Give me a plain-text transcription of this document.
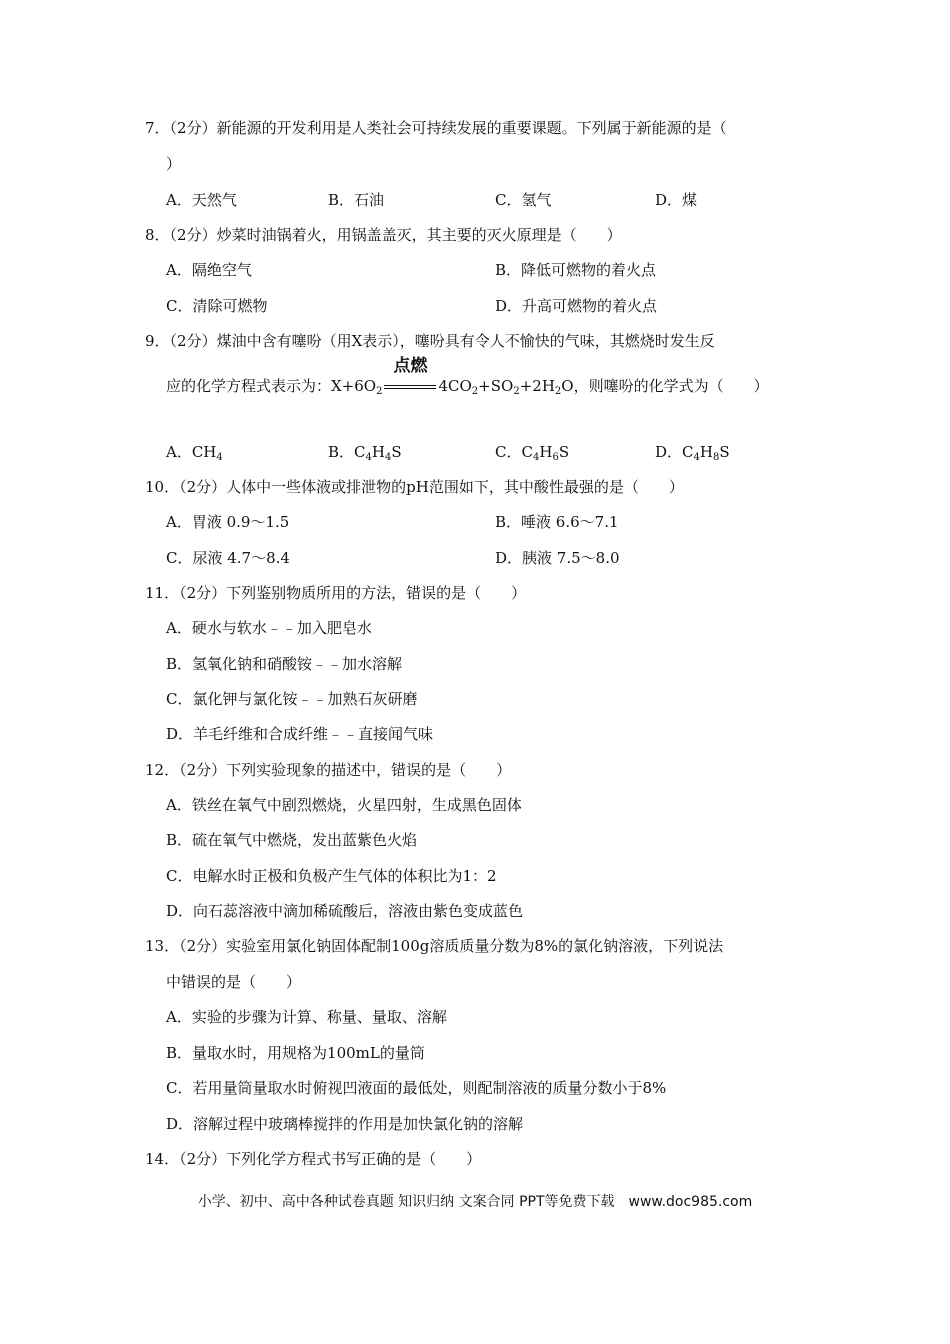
7．（2分）新能源的开发利用是人类社会可持续发展的重要课题。下列属于新能源的是（
）
A．天然气	B．石油	C．氢气	D．煤
8．（2分）炒菜时油锅着火，用锅盖盖灭，其主要的灭火原理是（　　）
A．隔绝空气	B．降低可燃物的着火点
C．清除可燃物	D．升高可燃物的着火点
9．（2分）煤油中含有噻吩（用X表示），噻吩具有令人不愉快的气味，其燃烧时发生反
应的化学方程式表示为：$X+6O_2$
点燃
$4CO_2+SO_2+2H_2O$，则噻吩的化学式为（　　）
A．$CH_4$	B．$C_4H_4S$	C．$C_4H_6S$	D．$C_4H_8S$
10．（2分）人体中一些体液或排泄物的pH范围如下，其中酸性最强的是（　　）
A．胃液 0.9～1.5	B．唾液 6.6～7.1
C．尿液 4.7～8.4	D．胰液 7.5～8.0
11．（2分）下列鉴别物质所用的方法，错误的是（　　）
A．硬水与软水﹣﹣加入肥皂水
B．氢氧化钠和硝酸铵﹣﹣加水溶解
C．氯化钾与氯化铵﹣﹣加熟石灰研磨
D．羊毛纤维和合成纤维﹣﹣直接闻气味
12．（2分）下列实验现象的描述中，错误的是（　　）
A．铁丝在氧气中剧烈燃烧，火星四射，生成黑色固体
B．硫在氧气中燃烧，发出蓝紫色火焰
C．电解水时正极和负极产生气体的体积比为1：2
D．向石蕊溶液中滴加稀硫酸后，溶液由紫色变成蓝色
13．（2分）实验室用氯化钠固体配制100g溶质质量分数为8%的氯化钠溶液，下列说法
中错误的是（　　）
A．实验的步骤为计算、称量、量取、溶解
B．量取水时，用规格为100mL的量筒
C．若用量筒量取水时俯视凹液面的最低处，则配制溶液的质量分数小于8%
D．溶解过程中玻璃棒搅拌的作用是加快氯化钠的溶解
14．（2分）下列化学方程式书写正确的是（　　）
小学、初中、高中各种试卷真题 知识归纳 文案合同 PPT等免费下载　www.doc985.com
